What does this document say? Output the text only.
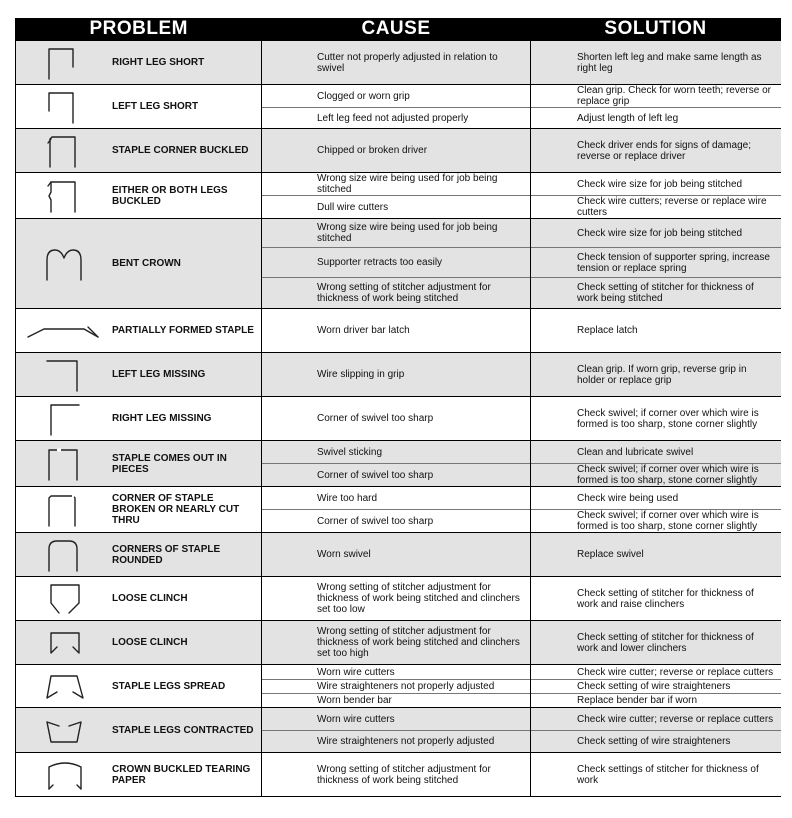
PROBLEM	CAUSE	SOLUTION

RIGHT LEG SHORT	Cutter not properly adjusted in relation to swivel	Shorten left leg and make same length as right leg

LEFT LEG SHORT	Clogged or worn grip	Clean grip. Check for worn teeth; reverse or replace grip
	Left leg feed not adjusted properly	Adjust length of left leg

STAPLE CORNER BUCKLED	Chipped or broken driver	Check driver ends for signs of damage; reverse or replace driver

EITHER OR BOTH LEGS BUCKLED	Wrong size wire being used for job being stitched	Check wire size for job being stitched
	Dull wire cutters	Check wire cutters; reverse or replace wire cutters

BENT CROWN	Wrong size wire being used for job being stitched	Check wire size for job being stitched
	Supporter retracts too easily	Check tension of supporter spring, increase tension or replace spring
	Wrong setting of stitcher adjustment for thickness of work being stitched	Check setting of stitcher for thickness of work being stitched

PARTIALLY FORMED STAPLE	Worn driver bar latch	Replace latch

LEFT LEG MISSING	Wire slipping in grip	Clean grip. If worn grip, reverse grip in holder or replace grip

RIGHT LEG MISSING	Corner of swivel too sharp	Check swivel; if corner over which wire is formed is too sharp, stone corner slightly

STAPLE COMES OUT IN PIECES	Swivel sticking	Clean and lubricate swivel
	Corner of swivel too sharp	Check swivel; if corner over which wire is formed is too sharp, stone corner slightly

CORNER OF STAPLE BROKEN OR NEARLY CUT THRU	Wire too hard	Check wire being used
	Corner of swivel too sharp	Check swivel; if corner over which wire is formed is too sharp, stone corner slightly

CORNERS OF STAPLE ROUNDED	Worn swivel	Replace swivel

LOOSE CLINCH	Wrong setting of stitcher adjustment for thickness of work being stitched and clinchers set too low	Check setting of stitcher for thickness of work and raise clinchers

LOOSE CLINCH	Wrong setting of stitcher adjustment for thickness of work being stitched and clinchers set too high	Check setting of stitcher for thickness of work and lower clinchers

STAPLE LEGS SPREAD	Worn wire cutters	Check wire cutter; reverse or replace cutters
	Wire straighteners not properly adjusted	Check setting of wire straighteners
	Worn bender bar	Replace bender bar if worn

STAPLE LEGS CONTRACTED	Worn wire cutters	Check wire cutter; reverse or replace cutters
	Wire straighteners not properly adjusted	Check setting of wire straighteners

CROWN BUCKLED TEARING PAPER	Wrong setting of stitcher adjustment for thickness of work being stitched	Check settings of stitcher for thickness of work
